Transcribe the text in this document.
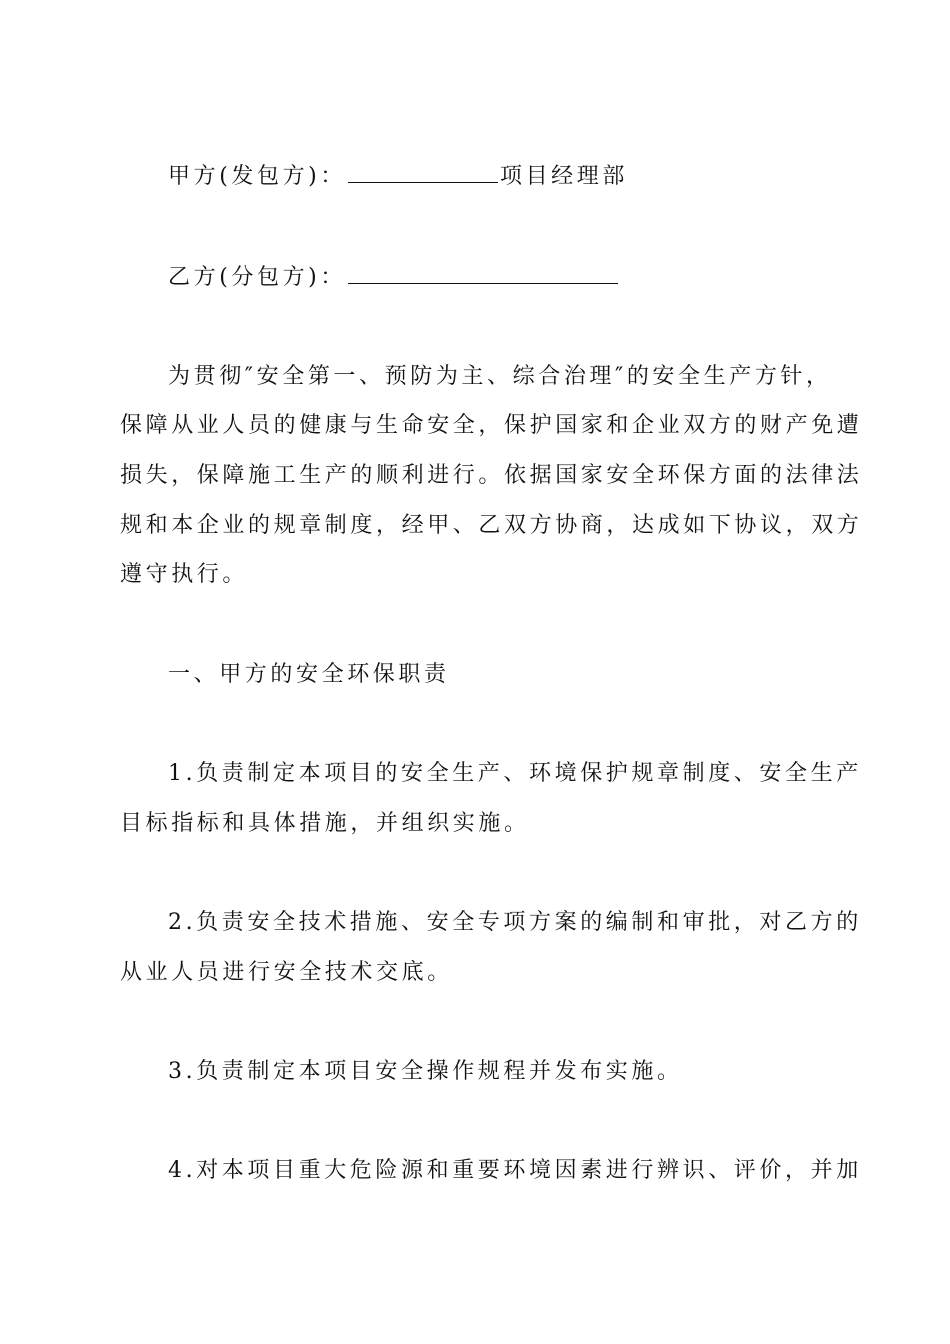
甲方(发包方)：	项目经理部
乙方(分包方)：
为贯彻″安全第一、预防为主、综合治理″的安全生产方针，
保障从业人员的健康与生命安全，保护国家和企业双方的财产免遭
损失，保障施工生产的顺利进行。依据国家安全环保方面的法律法
规和本企业的规章制度，经甲、乙双方协商，达成如下协议，双方
遵守执行。
一、甲方的安全环保职责
1.负责制定本项目的安全生产、环境保护规章制度、安全生产
目标指标和具体措施，并组织实施。
2.负责安全技术措施、安全专项方案的编制和审批，对乙方的
从业人员进行安全技术交底。
3.负责制定本项目安全操作规程并发布实施。
4.对本项目重大危险源和重要环境因素进行辨识、评价，并加
